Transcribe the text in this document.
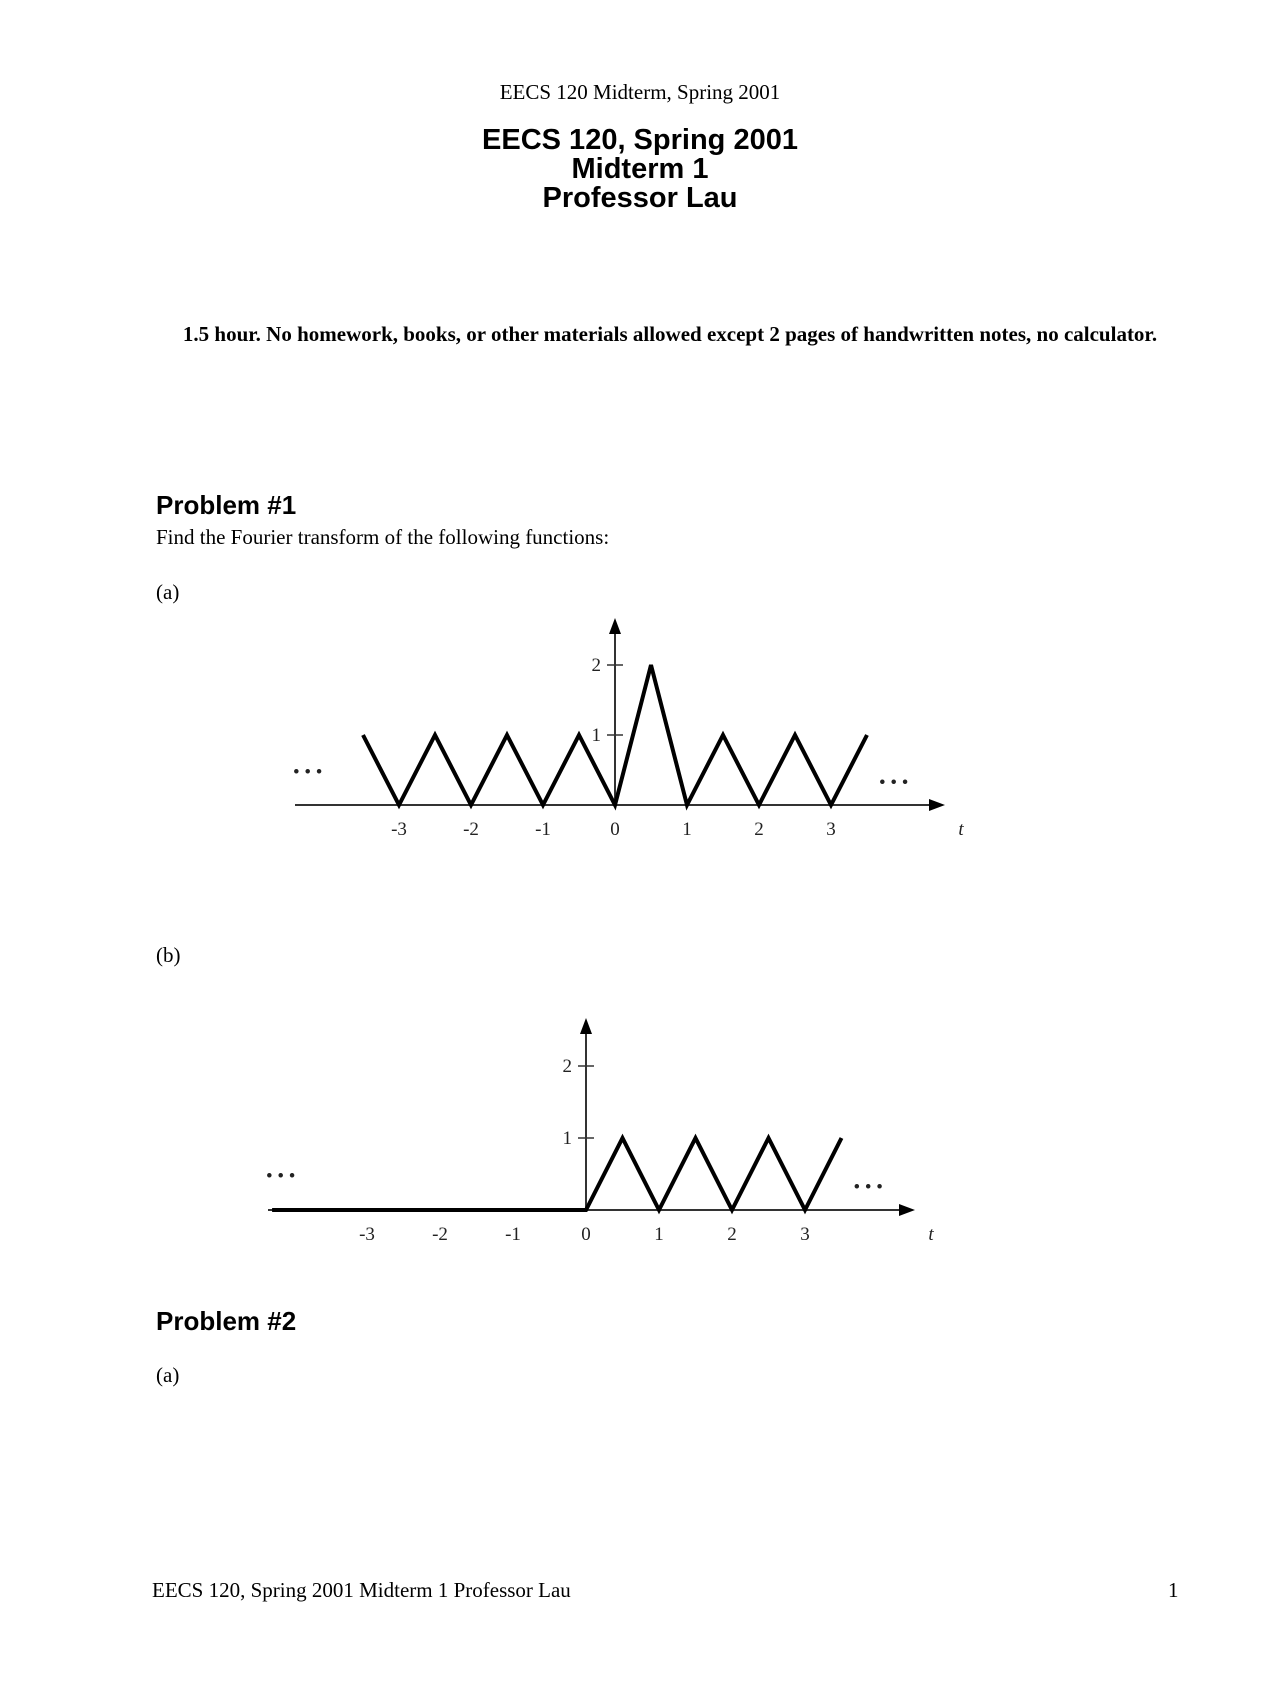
EECS 120 Midterm, Spring 2001
EECS 120, Spring 2001
Midterm 1
Professor Lau
1.5 hour. No homework, books, or other materials allowed except 2 pages of handwritten notes, no calculator.
Problem #1
Find the Fourier transform of the following functions:
(a)
-3	-2	-1	0	1	2	3
1
2
t
• • •	• • •
(b)
-3	-2	-1	0	1	2	3
1
2
t
• • •
• • •
Problem #2
(a)
EECS 120, Spring 2001 Midterm 1 Professor Lau	1
